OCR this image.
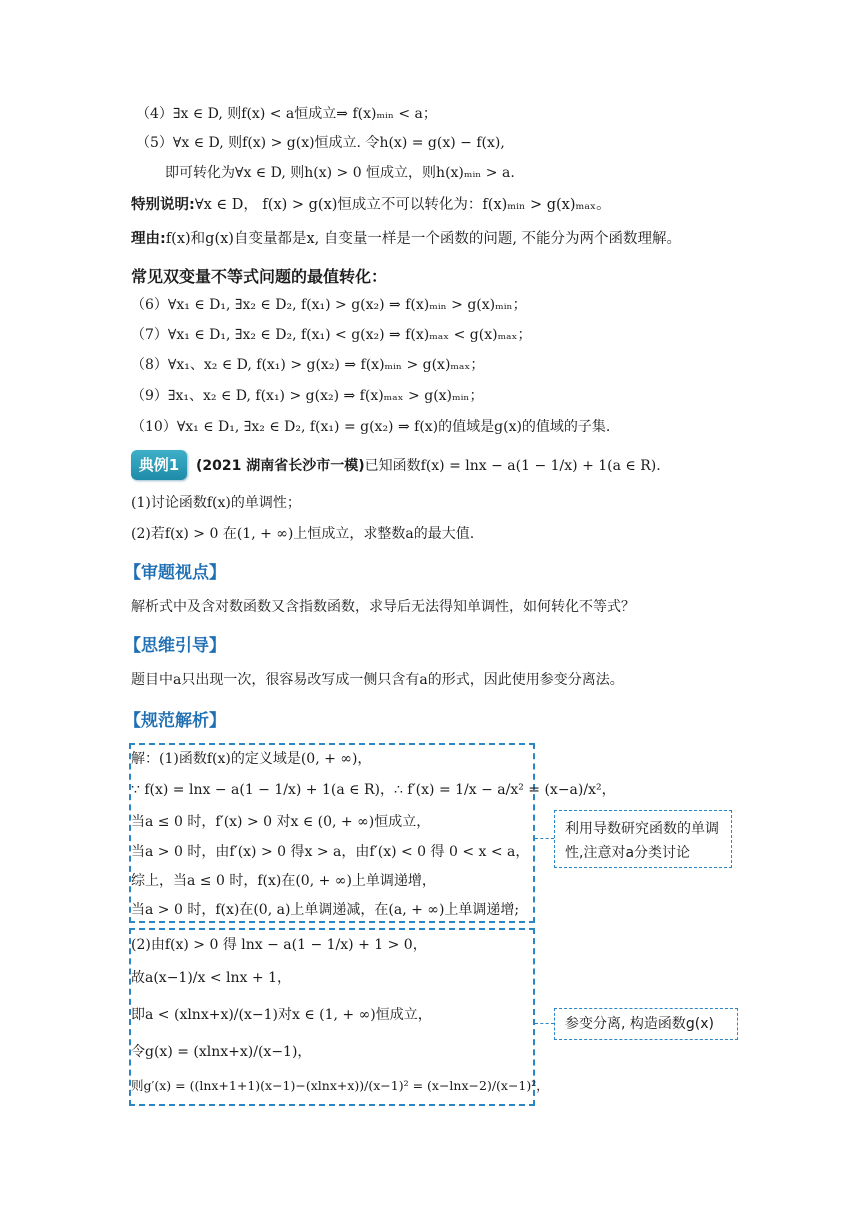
（4）∃x ∈ D, 则f(x) < a恒成立⇒ f(x)ₘᵢₙ < a；
（5）∀x ∈ D, 则f(x) > g(x)恒成立. 令h(x) = g(x) − f(x),
即可转化为∀x ∈ D, 则h(x) > 0 恒成立，则h(x)ₘᵢₙ > a.
特别说明:∀x ∈ D， f(x) > g(x)恒成立不可以转化为：f(x)ₘᵢₙ > g(x)ₘₐₓ。
理由:f(x)和g(x)自变量都是x, 自变量一样是一个函数的问题, 不能分为两个函数理解。
常见双变量不等式问题的最值转化：
（6）∀x₁ ∈ D₁, ∃x₂ ∈ D₂, f(x₁) > g(x₂) ⇒ f(x)ₘᵢₙ > g(x)ₘᵢₙ；
（7）∀x₁ ∈ D₁, ∃x₂ ∈ D₂, f(x₁) < g(x₂) ⇒ f(x)ₘₐₓ < g(x)ₘₐₓ；
（8）∀x₁、x₂ ∈ D, f(x₁) > g(x₂) ⇒ f(x)ₘᵢₙ > g(x)ₘₐₓ；
（9）∃x₁、x₂ ∈ D, f(x₁) > g(x₂) ⇒ f(x)ₘₐₓ > g(x)ₘᵢₙ；
（10）∀x₁ ∈ D₁, ∃x₂ ∈ D₂, f(x₁) = g(x₂) ⇒ f(x)的值域是g(x)的值域的子集.
典例1	(2021 湖南省长沙市一模)已知函数f(x) = lnx − a(1 − 1/x) + 1(a ∈ R).
(1)讨论函数f(x)的单调性；
(2)若f(x) > 0 在(1, + ∞)上恒成立，求整数a的最大值.
【审题视点】
解析式中及含对数函数又含指数函数，求导后无法得知单调性，如何转化不等式？
【思维引导】
题目中a只出现一次，很容易改写成一侧只含有a的形式，因此使用参变分离法。
【规范解析】
解：(1)函数f(x)的定义域是(0, + ∞)，
∵ f(x) = lnx − a(1 − 1/x) + 1(a ∈ R)，∴ f′(x) = 1/x − a/x² = (x−a)/x²，
当a ≤ 0 时，f′(x) > 0 对x ∈ (0, + ∞)恒成立，
当a > 0 时，由f′(x) > 0 得x > a，由f′(x) < 0 得 0 < x < a，
综上，当a ≤ 0 时，f(x)在(0, + ∞)上单调递增，
当a > 0 时，f(x)在(0, a)上单调递减，在(a, + ∞)上单调递增;
(2)由f(x) > 0 得 lnx − a(1 − 1/x) + 1 > 0，
故a(x−1)/x < lnx + 1，
即a < (xlnx+x)/(x−1)对x ∈ (1, + ∞)恒成立，
令g(x) = (xlnx+x)/(x−1)，
则g′(x) = ((lnx+1+1)(x−1)−(xlnx+x))/(x−1)² = (x−lnx−2)/(x−1)²，
利用导数研究函数的单调性,注意对a分类讨论
参变分离, 构造函数g(x)
